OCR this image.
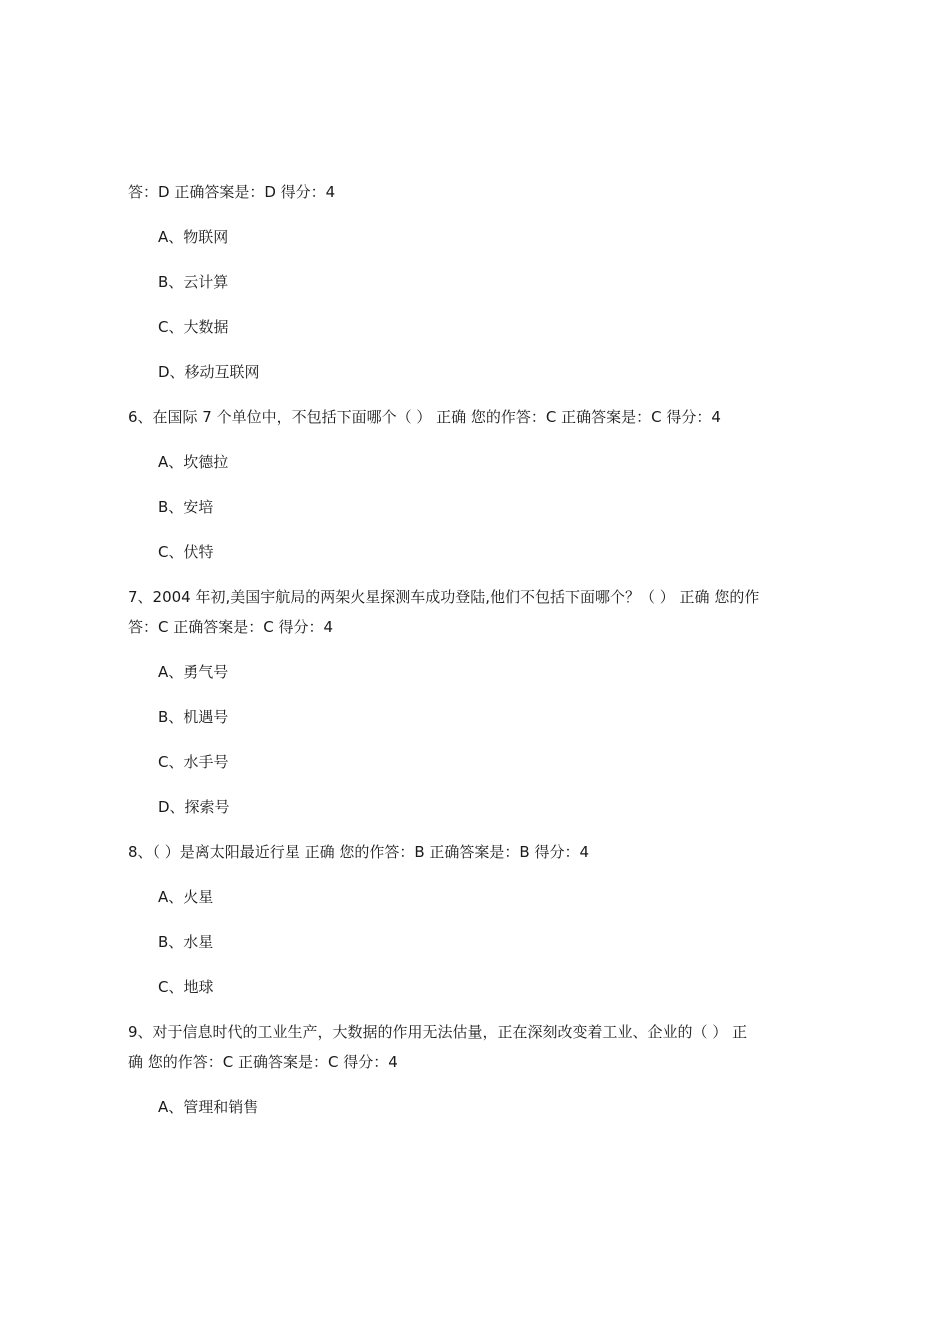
答：D 正确答案是：D 得分：4
A、物联网
B、云计算
C、大数据
D、移动互联网
6、在国际 7 个单位中，不包括下面哪个（ ） 正确 您的作答：C 正确答案是：C 得分：4
A、坎德拉
B、安培
C、伏特
7、2004 年初,美国宇航局的两架火星探测车成功登陆,他们不包括下面哪个？（ ） 正确 您的作
答：C 正确答案是：C 得分：4
A、勇气号
B、机遇号
C、水手号
D、探索号
8、（ ）是离太阳最近行星 正确 您的作答：B 正确答案是：B 得分：4
A、火星
B、水星
C、地球
9、对于信息时代的工业生产，大数据的作用无法估量，正在深刻改变着工业、企业的（ ） 正
确 您的作答：C 正确答案是：C 得分：4
A、管理和销售
